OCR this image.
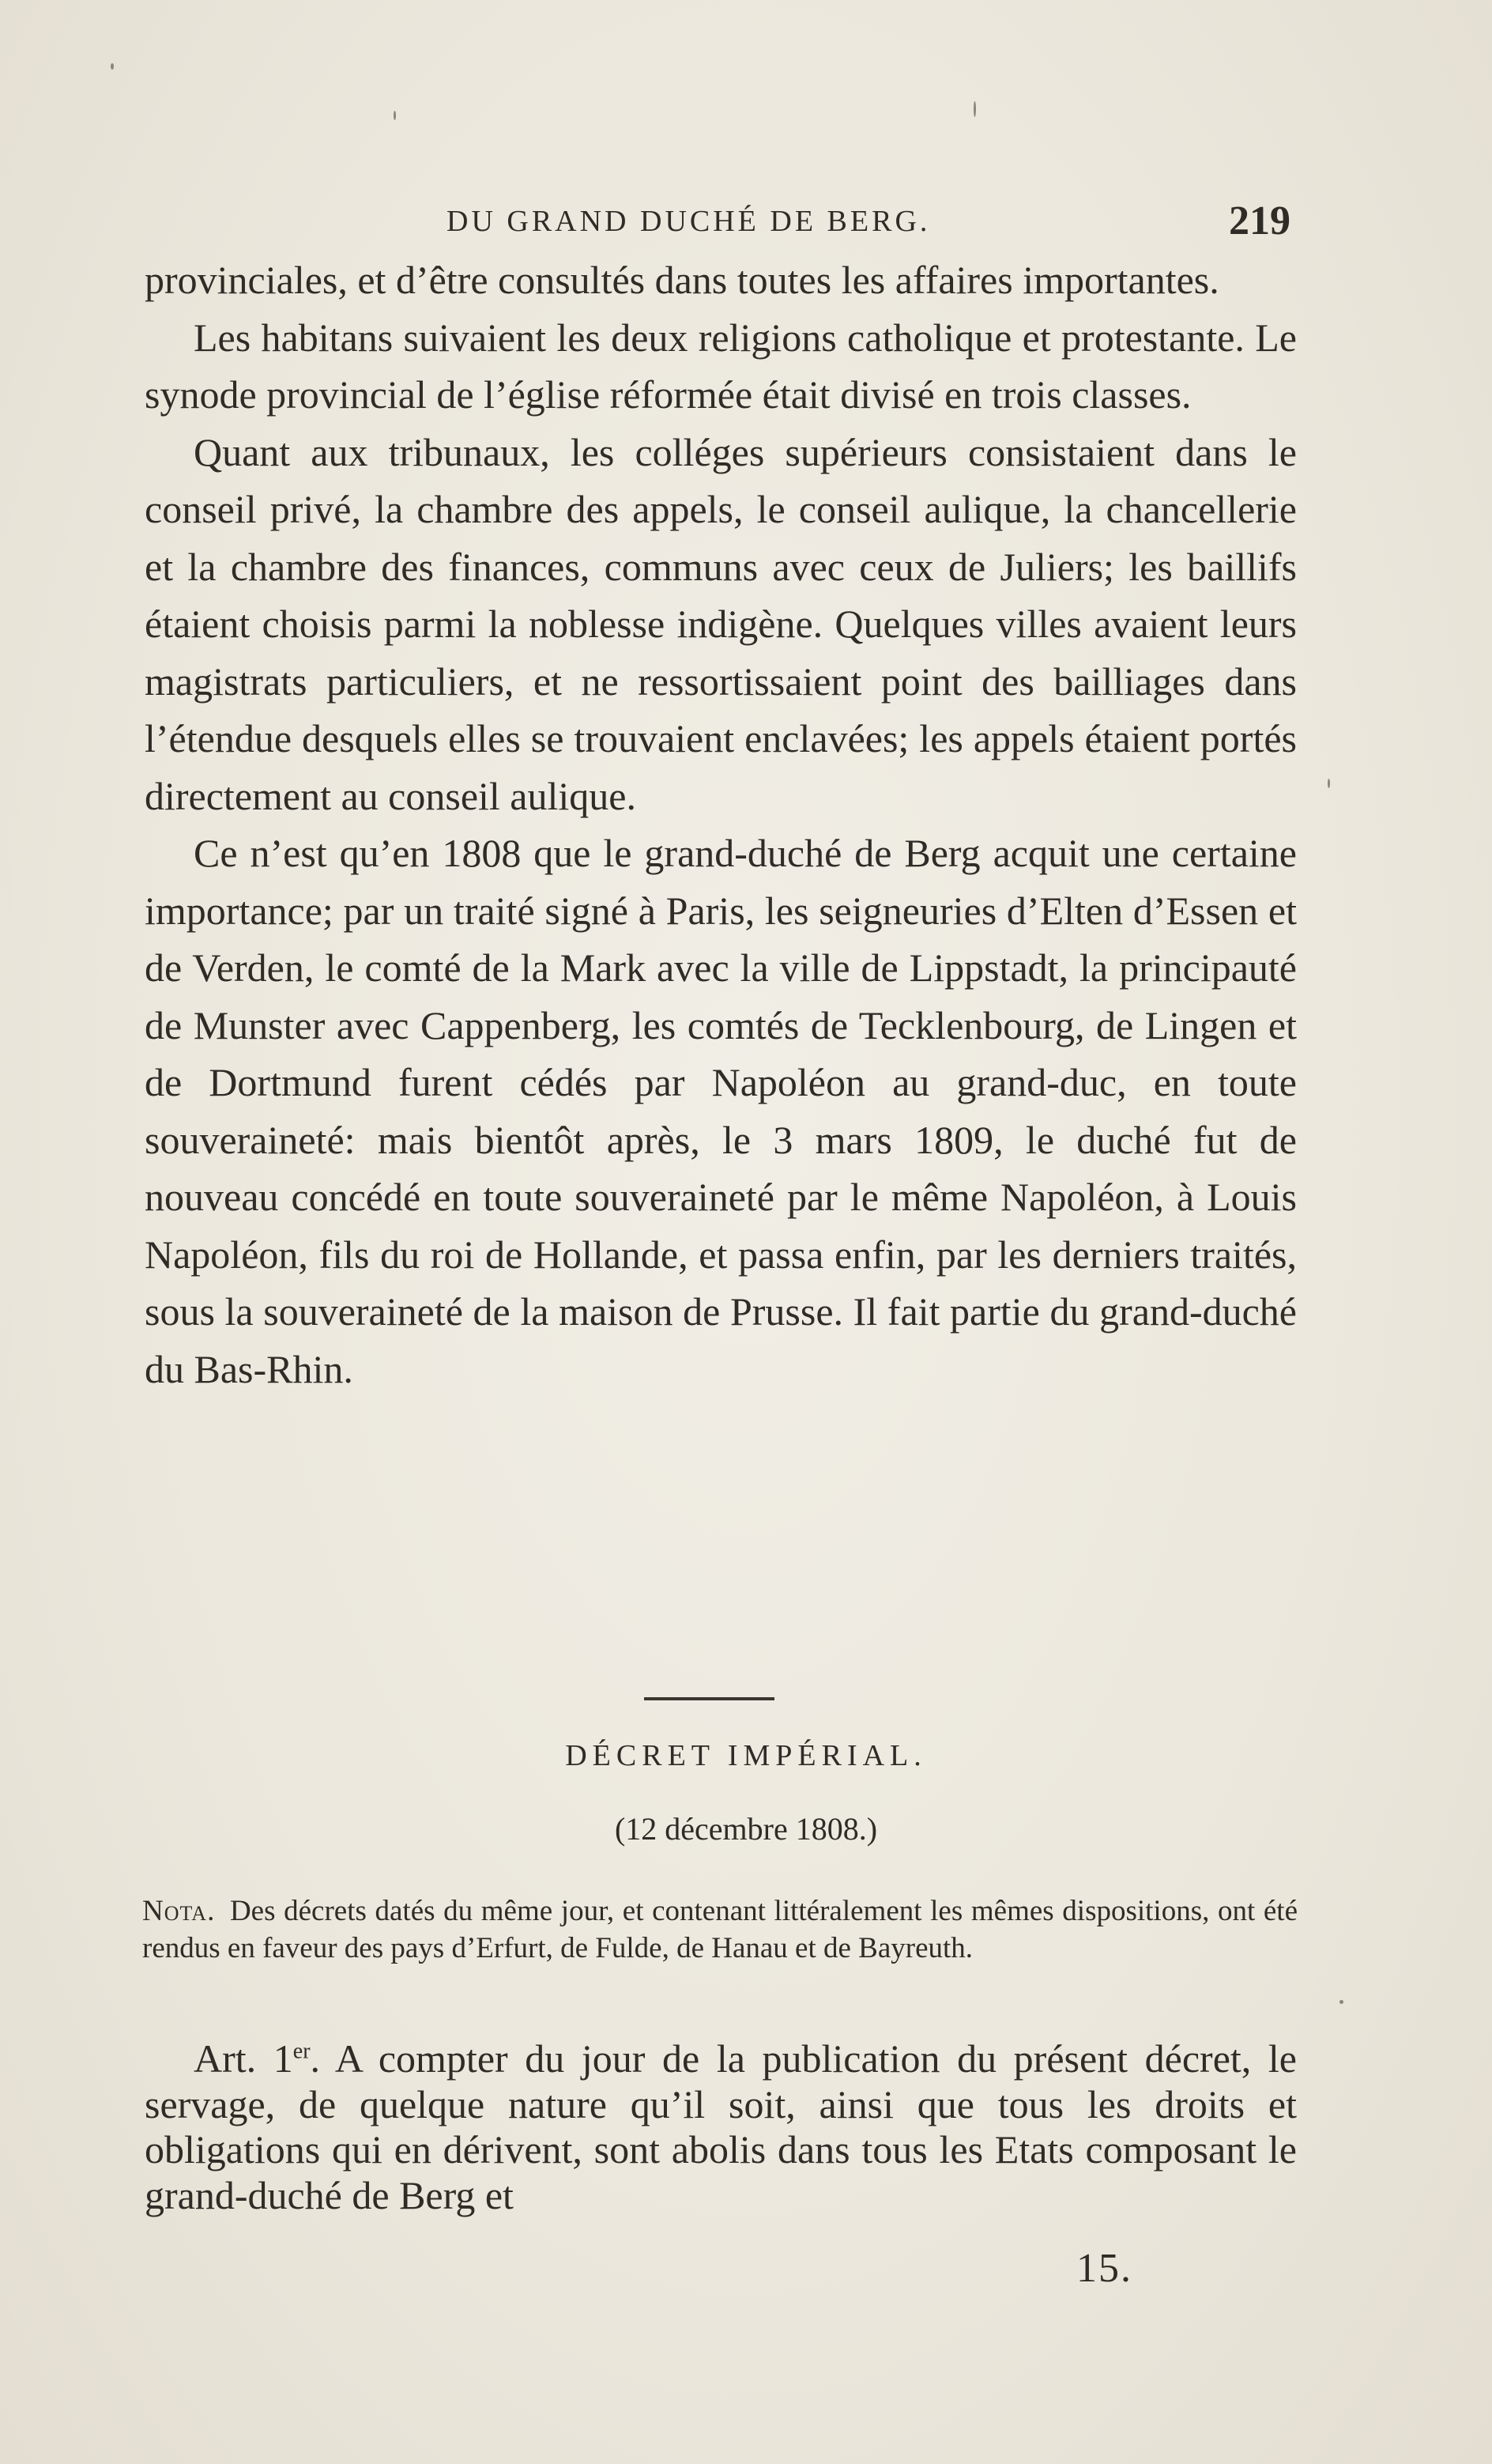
DU GRAND DUCHÉ DE BERG.	219

provinciales, et d’être consultés dans toutes les affaires importantes.

Les habitans suivaient les deux religions catholique et protestante. Le synode provincial de l’église réformée était divisé en trois classes.

Quant aux tribunaux, les colléges supérieurs consistaient dans le conseil privé, la chambre des appels, le conseil aulique, la chancellerie et la chambre des finances, communs avec ceux de Juliers; les baillifs étaient choisis parmi la noblesse indigène. Quelques villes avaient leurs magistrats particuliers, et ne ressortissaient point des bailliages dans l’étendue desquels elles se trouvaient enclavées; les appels étaient portés directement au conseil aulique.

Ce n’est qu’en 1808 que le grand-duché de Berg acquit une certaine importance; par un traité signé à Paris, les seigneuries d’Elten d’Essen et de Verden, le comté de la Mark avec la ville de Lippstadt, la principauté de Munster avec Cappenberg, les comtés de Tecklenbourg, de Lingen et de Dortmund furent cédés par Napoléon au grand-duc, en toute souveraineté: mais bientôt après, le 3 mars 1809, le duché fut de nouveau concédé en toute souveraineté par le même Napoléon, à Louis Napoléon, fils du roi de Hollande, et passa enfin, par les derniers traités, sous la souveraineté de la maison de Prusse. Il fait partie du grand-duché du Bas-Rhin.

DÉCRET IMPÉRIAL.
(12 décembre 1808.)
Nota. Des décrets datés du même jour, et contenant littéralement les mêmes dispositions, ont été rendus en faveur des pays d’Erfurt, de Fulde, de Hanau et de Bayreuth.
Art. 1er. A compter du jour de la publication du présent décret, le servage, de quelque nature qu’il soit, ainsi que tous les droits et obligations qui en dérivent, sont abolis dans tous les Etats composant le grand-duché de Berg et
15.
